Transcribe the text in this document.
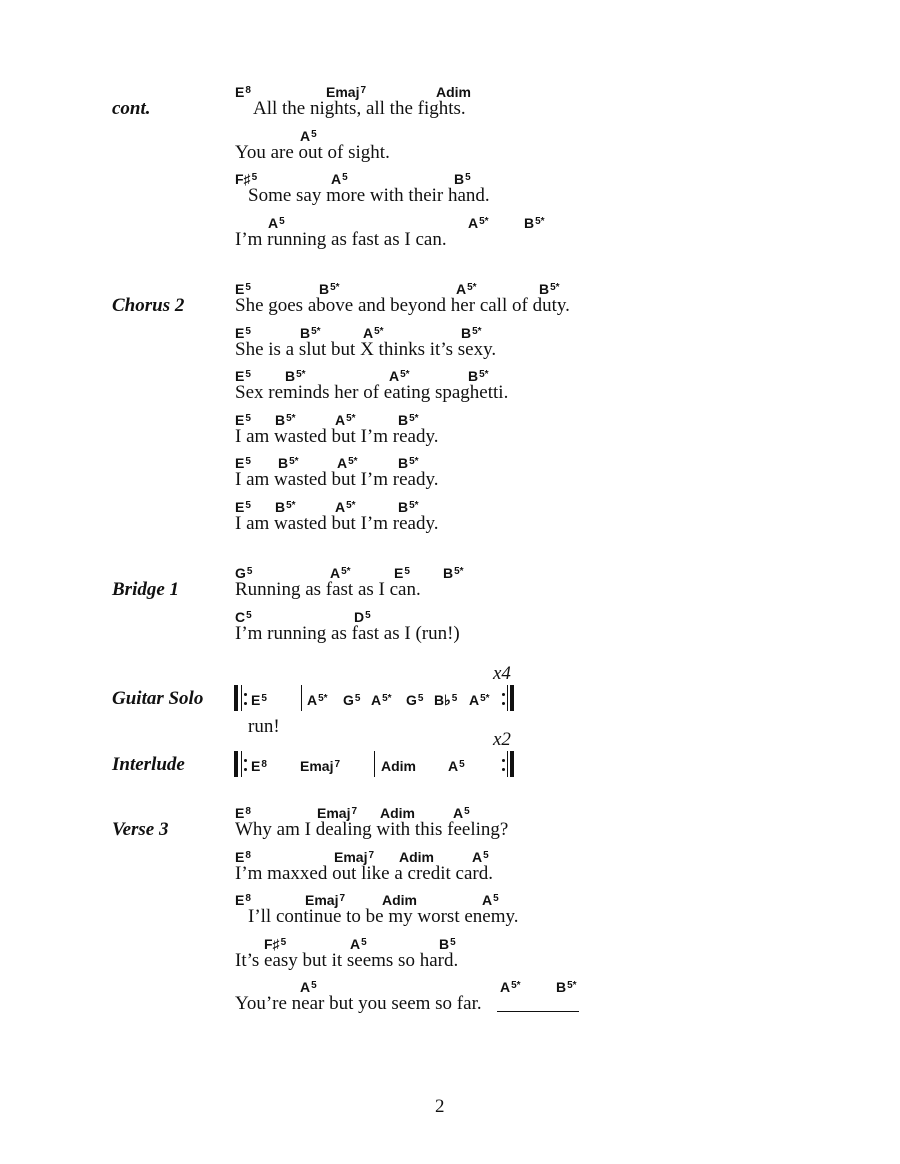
cont.
Chorus 2
Bridge 1
Guitar Solo
Interlude
Verse 3
$E^8$	Emaj$^7$	Adim
All the nights, all the fights.
$A^5$
You are out of sight.
F♯$^5$	$A^5$	$B^5$
Some say more with their hand.
$A^5$	$A^{5*}$	$B^{5*}$
I’m running as fast as I can.
$E^5$	$B^{5*}$	$A^{5*}$	$B^{5*}$
She goes above and beyond her call of duty.
$E^5$	$B^{5*}$	$A^{5*}$	$B^{5*}$
She is a slut but X thinks it’s sexy.
$E^5$ $B^{5*}$	$A^{5*}$	$B^{5*}$
Sex reminds her of eating spaghetti.
$E^5$ $B^{5*}$	$A^{5*}$	$B^{5*}$
I am wasted but I’m ready.
$E^5$ $B^{5*}$	$A^{5*}$	$B^{5*}$
I am wasted but I’m ready.
$E^5$ $B^{5*}$	$A^{5*}$	$B^{5*}$
I am wasted but I’m ready.
$G^5$	$A^{5*}$	$E^5$ $B^{5*}$
Running as fast as I can.
$C^5$	$D^5$
I’m running as fast as I (run!)
x4
$E^5$	$A^{5*}$ $G^5$ $A^{5*}$ $G^5$ B♭$^5$ $A^{5*}$
run!
x2
$E^8$ Emaj$^7$	Adim $A^5$
$E^8$	Emaj$^7$ Adim	$A^5$
Why am I dealing with this feeling?
$E^8$	Emaj$^7$ Adim	$A^5$
I’m maxxed out like a credit card.
$E^8$	Emaj$^7$	Adim	$A^5$
I’ll continue to be my worst enemy.
F♯$^5$	$A^5$	$B^5$
It’s easy but it seems so hard.
$A^5$	$A^{5*}$	$B^{5*}$
You’re near but you seem so far.
2
